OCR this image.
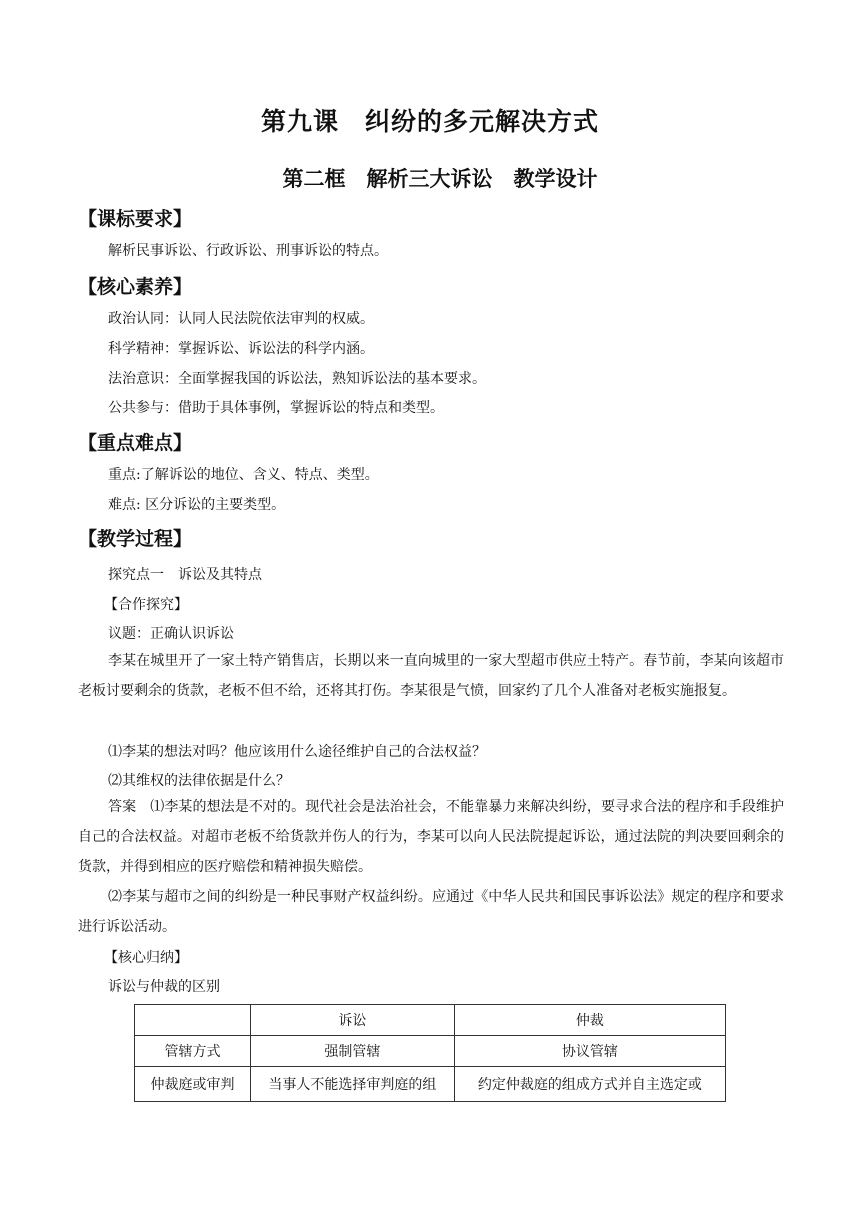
第九课　纠纷的多元解决方式
第二框　解析三大诉讼　教学设计
【课标要求】
解析民事诉讼、行政诉讼、刑事诉讼的特点。
【核心素养】
政治认同：认同人民法院依法审判的权威。
科学精神：掌握诉讼、诉讼法的科学内涵。
法治意识：全面掌握我国的诉讼法，熟知诉讼法的基本要求。
公共参与：借助于具体事例，掌握诉讼的特点和类型。
【重点难点】
重点:了解诉讼的地位、含义、特点、类型。
难点: 区分诉讼的主要类型。
【教学过程】
探究点一　诉讼及其特点
【合作探究】
议题：正确认识诉讼
李某在城里开了一家土特产销售店，长期以来一直向城里的一家大型超市供应土特产。春节前，李某向该超市老板讨要剩余的货款，老板不但不给，还将其打伤。李某很是气愤，回家约了几个人准备对老板实施报复。
⑴李某的想法对吗？他应该用什么途径维护自己的合法权益？
⑵其维权的法律依据是什么？
答案　⑴李某的想法是不对的。现代社会是法治社会，不能靠暴力来解决纠纷，要寻求合法的程序和手段维护自己的合法权益。对超市老板不给货款并伤人的行为，李某可以向人民法院提起诉讼，通过法院的判决要回剩余的货款，并得到相应的医疗赔偿和精神损失赔偿。
⑵李某与超市之间的纠纷是一种民事财产权益纠纷。应通过《中华人民共和国民事诉讼法》规定的程序和要求进行诉讼活动。
【核心归纳】
诉讼与仲裁的区别
	诉讼	仲裁
管辖方式	强制管辖	协议管辖
仲裁庭或审判	当事人不能选择审判庭的组	约定仲裁庭的组成方式并自主选定或
